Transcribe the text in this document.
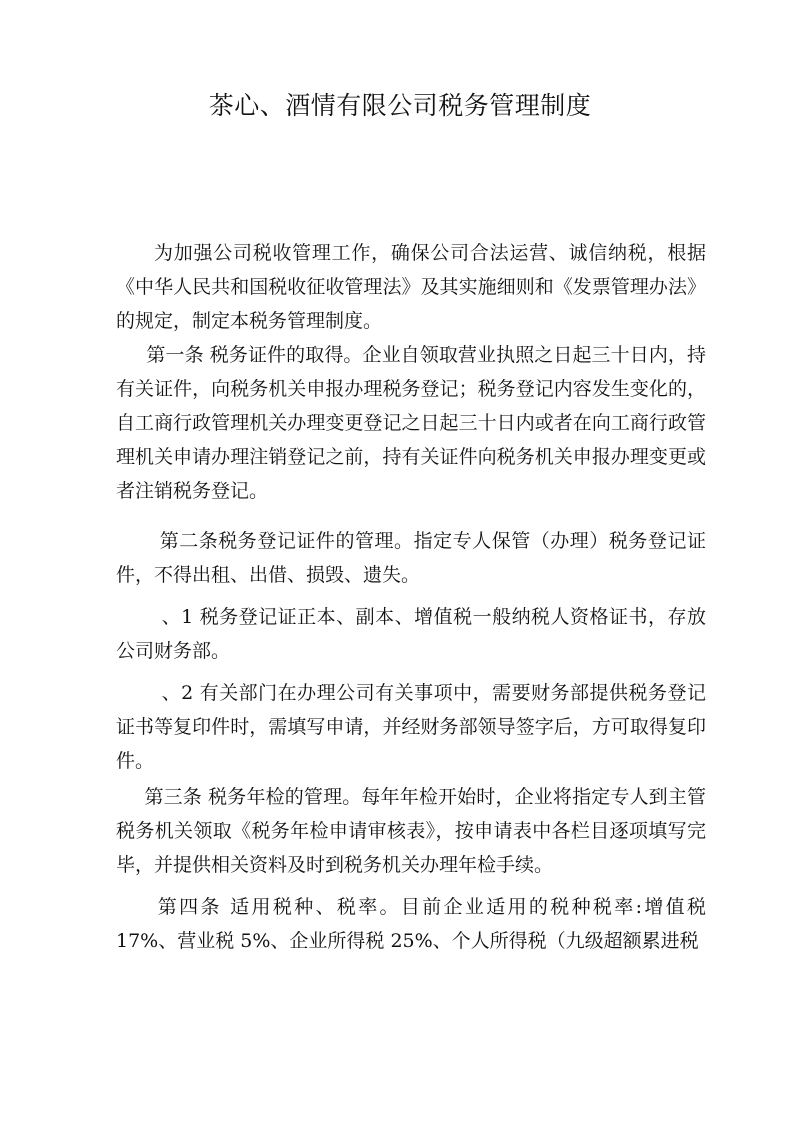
茶心、酒情有限公司税务管理制度

为加强公司税收管理工作，确保公司合法运营、诚信纳税，根据《中华人民共和国税收征收管理法》及其实施细则和《发票管理办法》的规定，制定本税务管理制度。

第一条 税务证件的取得。企业自领取营业执照之日起三十日内，持有关证件，向税务机关申报办理税务登记；税务登记内容发生变化的，自工商行政管理机关办理变更登记之日起三十日内或者在向工商行政管理机关申请办理注销登记之前，持有关证件向税务机关申报办理变更或者注销税务登记。

第二条税务登记证件的管理。指定专人保管（办理）税务登记证件，不得出租、出借、损毁、遗失。

、1 税务登记证正本、副本、增值税一般纳税人资格证书，存放公司财务部。

、2 有关部门在办理公司有关事项中，需要财务部提供税务登记证书等复印件时，需填写申请，并经财务部领导签字后，方可取得复印件。

第三条 税务年检的管理。每年年检开始时，企业将指定专人到主管税务机关领取《税务年检申请审核表》，按申请表中各栏目逐项填写完毕，并提供相关资料及时到税务机关办理年检手续。

第四条 适用税种、税率。目前企业适用的税种税率:增值税 17%、营业税 5%、企业所得税 25%、个人所得税（九级超额累进税
